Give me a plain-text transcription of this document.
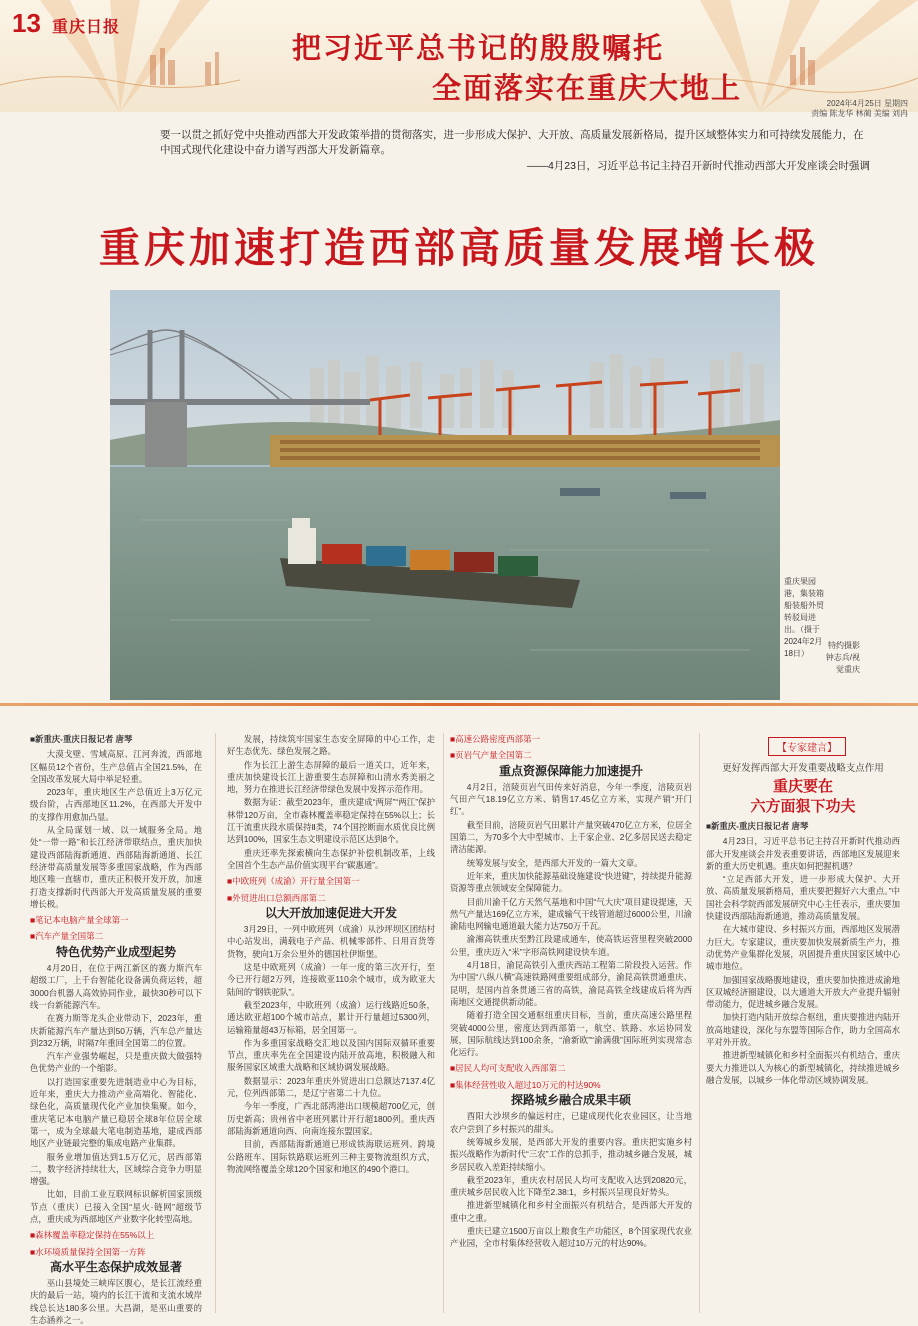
13 重庆日报
把习近平总书记的殷殷嘱托
全面落实在重庆大地上	2024年4月25日 星期四
责编 陈龙华 林蔺 美编 刘冉
要一以贯之抓好党中央推动西部大开发政策举措的贯彻落实，进一步形成大保护、大开放、高质量发展新格局，提升区域整体实力和可持续发展能力，在中国式现代化建设中奋力谱写西部大开发新篇章。
——4月23日，习近平总书记主持召开新时代推动西部大开发座谈会时强调
重庆加速打造西部高质量发展增长极
重庆果园港，集装箱船装船外贸转驳局进出。（摄于2024年2月18日）
特约摄影 钟志兵/视觉重庆

■新重庆-重庆日报记者 唐琴

大漠戈壁、雪域高原、江河奔流，西部地区幅员12个省份，生产总值占全国21.5%，在全国改革发展大局中举足轻重。

2023年，重庆地区生产总值近上3万亿元级台阶，占西部地区11.2%，在西部大开发中的支撑作用愈加凸显。

从全局谋划一域、以一域服务全局。地处“一带一路”和长江经济带联结点，重庆加快建设西部陆海新通道、西部陆海新通道、长江经济带高质量发展等多重国家战略，作为西部地区唯一直辖市，重庆正积极开发开放，加速打造支撑新时代西部大开发高质量发展的重要增长极。

■笔记本电脑产量全球第一

■汽车产量全国第二

特色优势产业成型起势

4月20日，在位于两江新区的赛力斯汽车超级工厂，上千台智能化设备满负荷运转，超3000台机器人高效协同作业，最快30秒可以下线一台新能源汽车。

在赛力斯等龙头企业带动下，2023年，重庆新能源汽车产量达到50万辆，汽车总产量达到232万辆，时隔7年重回全国第二的位置。

汽车产业强势崛起，只是重庆做大做强特色优势产业的一个缩影。

以打造国家重要先进制造业中心为目标，近年来，重庆大力推动产业高端化、智能化、绿色化，高质量现代化产业加快集聚。如今，重庆笔记本电脑产量已稳居全球8年位居全球第一，成为全球最大笔电制造基地，建成西部地区产业链最完整的集成电路产业集群。

服务业增加值达到1.5万亿元，居西部第二，数字经济持续壮大，区域综合竞争力明显增强。

比如，目前工业互联网标识解析国家顶级节点（重庆）已接入全国“星火·链网”超级节点，重庆成为西部地区产业数字化转型高地。

■森林覆盖率稳定保持在55%以上

■水环境质量保持全国第一方阵

高水平生态保护成效显著

巫山县境处三峡库区腹心，是长江流经重庆的最后一站，境内的长江干流和支流水域岸线总长达180多公里。大昌湖，是巫山重要的生态涵养之一。

发展，持续筑牢国家生态安全屏障的中心工作，走好生态优先、绿色发展之路。

作为长江上游生态屏障的最后一道关口，近年来，重庆加快建设长江上游重要生态屏障和山清水秀美丽之地，努力在推进长江经济带绿色发展中发挥示范作用。

数据为证：截至2023年，重庆建成“两屏”“两江”保护林带120万亩，全市森林覆盖率稳定保持在55%以上；长江干流重庆段水质保持Ⅱ类，74个国控断面水质优良比例达到100%，国家生态文明建设示范区达到8个。

重庆还率先探索横向生态保护补偿机制改革，上线全国首个生态产品价值实现平台“碳惠通”。

■中欧班列（成渝）开行量全国第一

■外贸进出口总额西部第二

以大开放加速促进大开发

3月29日，一列中欧班列（成渝）从沙坪坝区团结村中心站发出，满载电子产品、机械零部件、日用百货等货物，驶向1万余公里外的德国杜伊斯堡。

这是中欧班列（成渝）一年一度的第三次开行，至今已开行超2万列，连接欧亚110余个城市，成为欧亚大陆间的“钢铁驼队”。

截至2023年，中欧班列（成渝）运行线路近50条，通达欧亚超100个城市站点，累计开行量超过5300列，运输箱量超43万标箱，居全国第一。

作为多重国家战略交汇地以及国内国际双循环重要节点，重庆率先在全国建设内陆开放高地，积极融入和服务国家区域重大战略和区域协调发展战略。

数据显示：2023年重庆外贸进出口总额达7137.4亿元，位列西部第二，是辽宁省第二十九位。

今年一季度，广西北部湾港出口规模超700亿元，创历史新高；贵州省中老班列累计开行超1800列。重庆西部陆海新通道向西、向南连接东盟国家。

目前，西部陆海新通道已形成铁海联运班列、跨境公路班车、国际铁路联运班列三种主要物流组织方式，物流网络覆盖全球120个国家和地区的490个港口。

■高速公路密度西部第一

■页岩气产量全国第二

重点资源保障能力加速提升

4月2日，涪陵页岩气田传来好消息，今年一季度，涪陵页岩气田产气18.19亿立方米、销售17.45亿立方米，实现产销“开门红”。

截至目前，涪陵页岩气田累计产量突破470亿立方米，位居全国第二，为70多个大中型城市、上千家企业、2亿多居民送去稳定清洁能源。

统筹发展与安全，是西部大开发的一篇大文章。

近年来，重庆加快能源基础设施建设“快进键”，持续提升能源资源等重点领域安全保障能力。

目前川渝千亿方天然气基地和中国“气大庆”项目建设提速，天然气产量达169亿立方米，建成输气干线管道超过6000公里，川渝渝陆电网输电通道最大能力达750万千瓦。

渝湘高铁重庆至黔江段建成通车，使高铁运营里程突破2000公里，重庆迈入“米”字形高铁网建设快车道。

4月18日，渝昆高铁引入重庆西站工程第二阶段投入运营。作为中国“八纵八横”高速铁路网重要组成部分，渝昆高铁贯通重庆、昆明，是国内首条贯通三省的高铁，渝昆高铁全线建成后将为西南地区交通提供新动能。

随着打造全国交通枢纽重庆目标，当前，重庆高速公路里程突破4000公里，密度达到西部第一，航空、铁路、水运协同发展，国际航线达到100余条，“渝新欧”“渝满俄”国际班列实现常态化运行。

■居民人均可支配收入西部第二

■集体经营性收入超过10万元的村达90%

探路城乡融合成果丰硕

酉阳大沙坝乡的偏远村庄，已建成现代化农业园区，让当地农户尝到了乡村振兴的甜头。

统筹城乡发展，是西部大开发的重要内容。重庆把实施乡村振兴战略作为新时代“三农”工作的总抓手，推动城乡融合发展，城乡居民收入差距持续缩小。

截至2023年，重庆农村居民人均可支配收入达到20820元，重庆城乡居民收入比下降至2.38:1，乡村振兴呈现良好势头。

推进新型城镇化和乡村全面振兴有机结合，是西部大开发的重中之重。

重庆已建立1500万亩以上粮食生产功能区，8个国家现代农业产业园，全市村集体经营收入超过10万元的村达90%。

【专家建言】
更好发挥西部大开发重要战略支点作用
重庆要在
六方面狠下功夫

■新重庆-重庆日报记者 唐琴

4月23日，习近平总书记主持召开新时代推动西部大开发座谈会并发表重要讲话，西部地区发展迎来新的重大历史机遇。重庆如何把握机遇？

“立足西部大开发，进一步形成大保护、大开放、高质量发展新格局，重庆要把握好六大重点。”中国社会科学院西部发展研究中心主任表示，重庆要加快建设西部陆海新通道，推动高质量发展。

在大城市建设、乡村振兴方面，西部地区发展潜力巨大。专家建议，重庆要加快发展新质生产力，推动优势产业集群化发展，巩固提升重庆国家区域中心城市地位。

加强国家战略腹地建设，重庆要加快推进成渝地区双城经济圈建设，以大通道大开放大产业提升辐射带动能力，促进城乡融合发展。

加快打造内陆开放综合枢纽，重庆要推进内陆开放高地建设，深化与东盟等国际合作，助力全国高水平对外开放。

推进新型城镇化和乡村全面振兴有机结合，重庆要大力推进以人为核心的新型城镇化，持续推进城乡融合发展，以城乡一体化带动区域协调发展。
